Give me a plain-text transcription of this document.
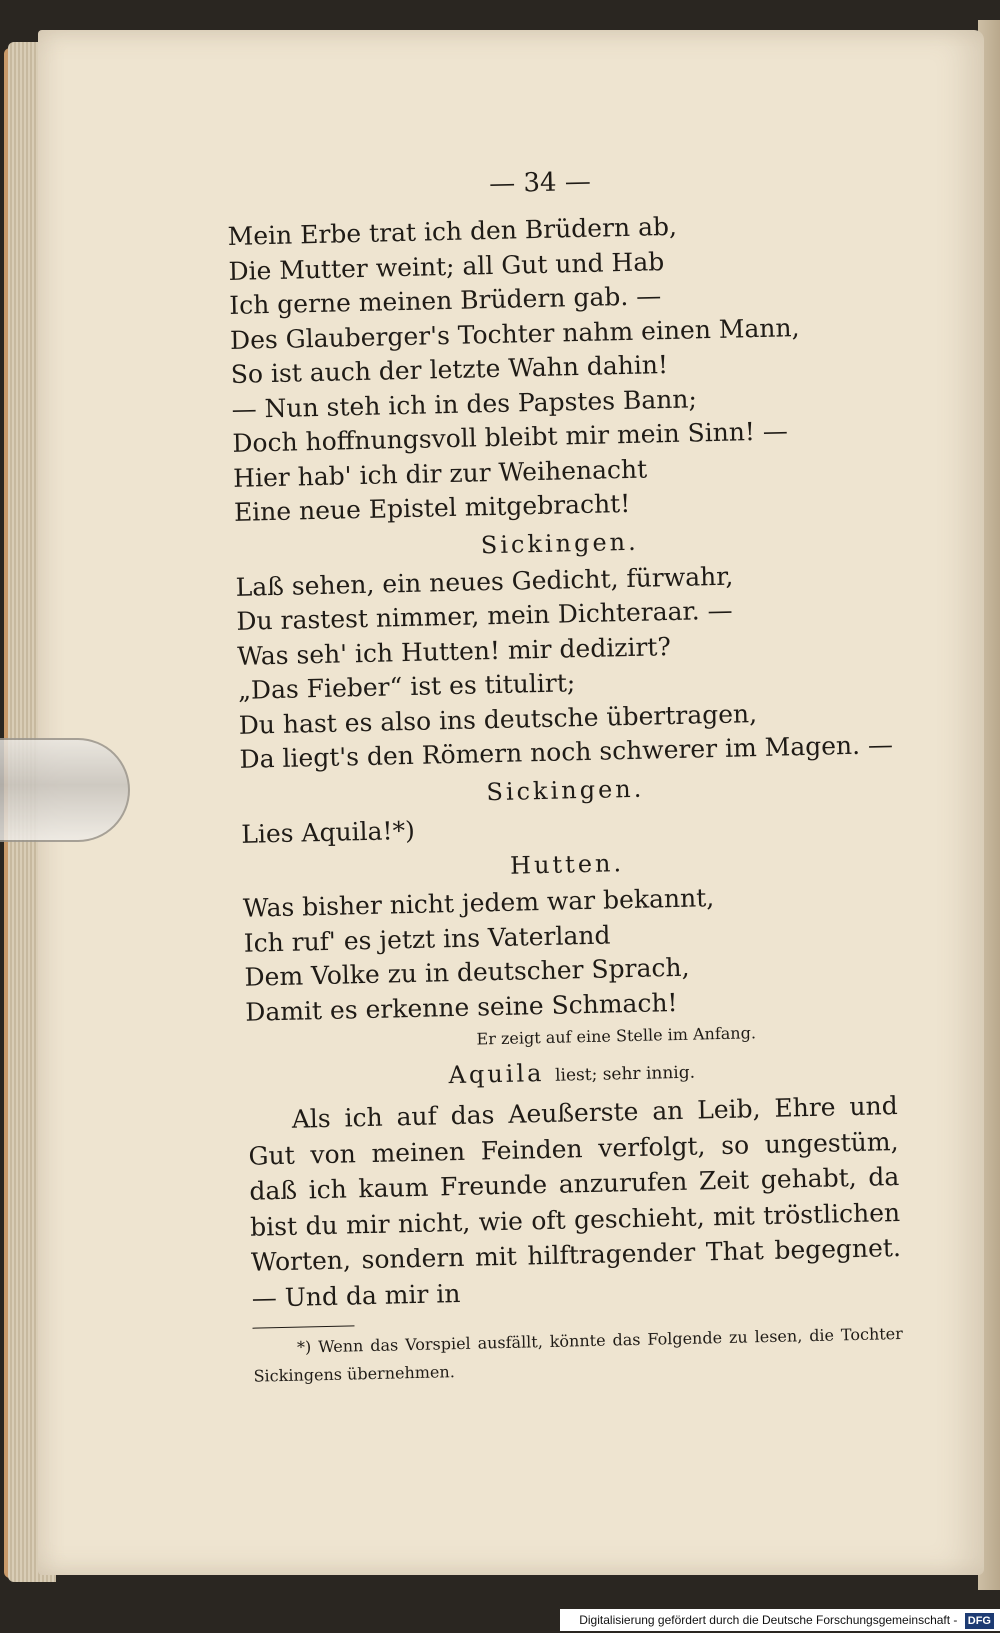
— 34 —
Mein Erbe trat ich den Brüdern ab,
Die Mutter weint; all Gut und Hab
Ich gerne meinen Brüdern gab. —
Des Glauberger's Tochter nahm einen Mann,
So ist auch der letzte Wahn dahin!
— Nun steh ich in des Papstes Bann;
Doch hoffnungsvoll bleibt mir mein Sinn! —
Hier hab' ich dir zur Weihenacht
Eine neue Epistel mitgebracht!
Sickingen.
Laß sehen, ein neues Gedicht, fürwahr,
Du rastest nimmer, mein Dichteraar. —
Was seh' ich Hutten! mir dedizirt?
„Das Fieber“ ist es titulirt;
Du hast es also ins deutsche übertragen,
Da liegt's den Römern noch schwerer im Magen. —
Sickingen.
Lies Aquila!*)
Hutten.
Was bisher nicht jedem war bekannt,
Ich ruf' es jetzt ins Vaterland
Dem Volke zu in deutscher Sprach,
Damit es erkenne seine Schmach!
Er zeigt auf eine Stelle im Anfang.
Aquila liest; sehr innig.

Als ich auf das Aeußerste an Leib, Ehre und Gut von meinen Feinden verfolgt, so ungestüm, daß ich kaum Freunde anzurufen Zeit gehabt, da bist du mir nicht, wie oft geschieht, mit tröstlichen Worten, sondern mit hilftragender That begegnet. — Und da mir in

*) Wenn das Vorspiel ausfällt, könnte das Folgende zu lesen, die Tochter Sickingens übernehmen.
Digitalisierung gefördert durch die Deutsche Forschungsgemeinschaft - DFG
